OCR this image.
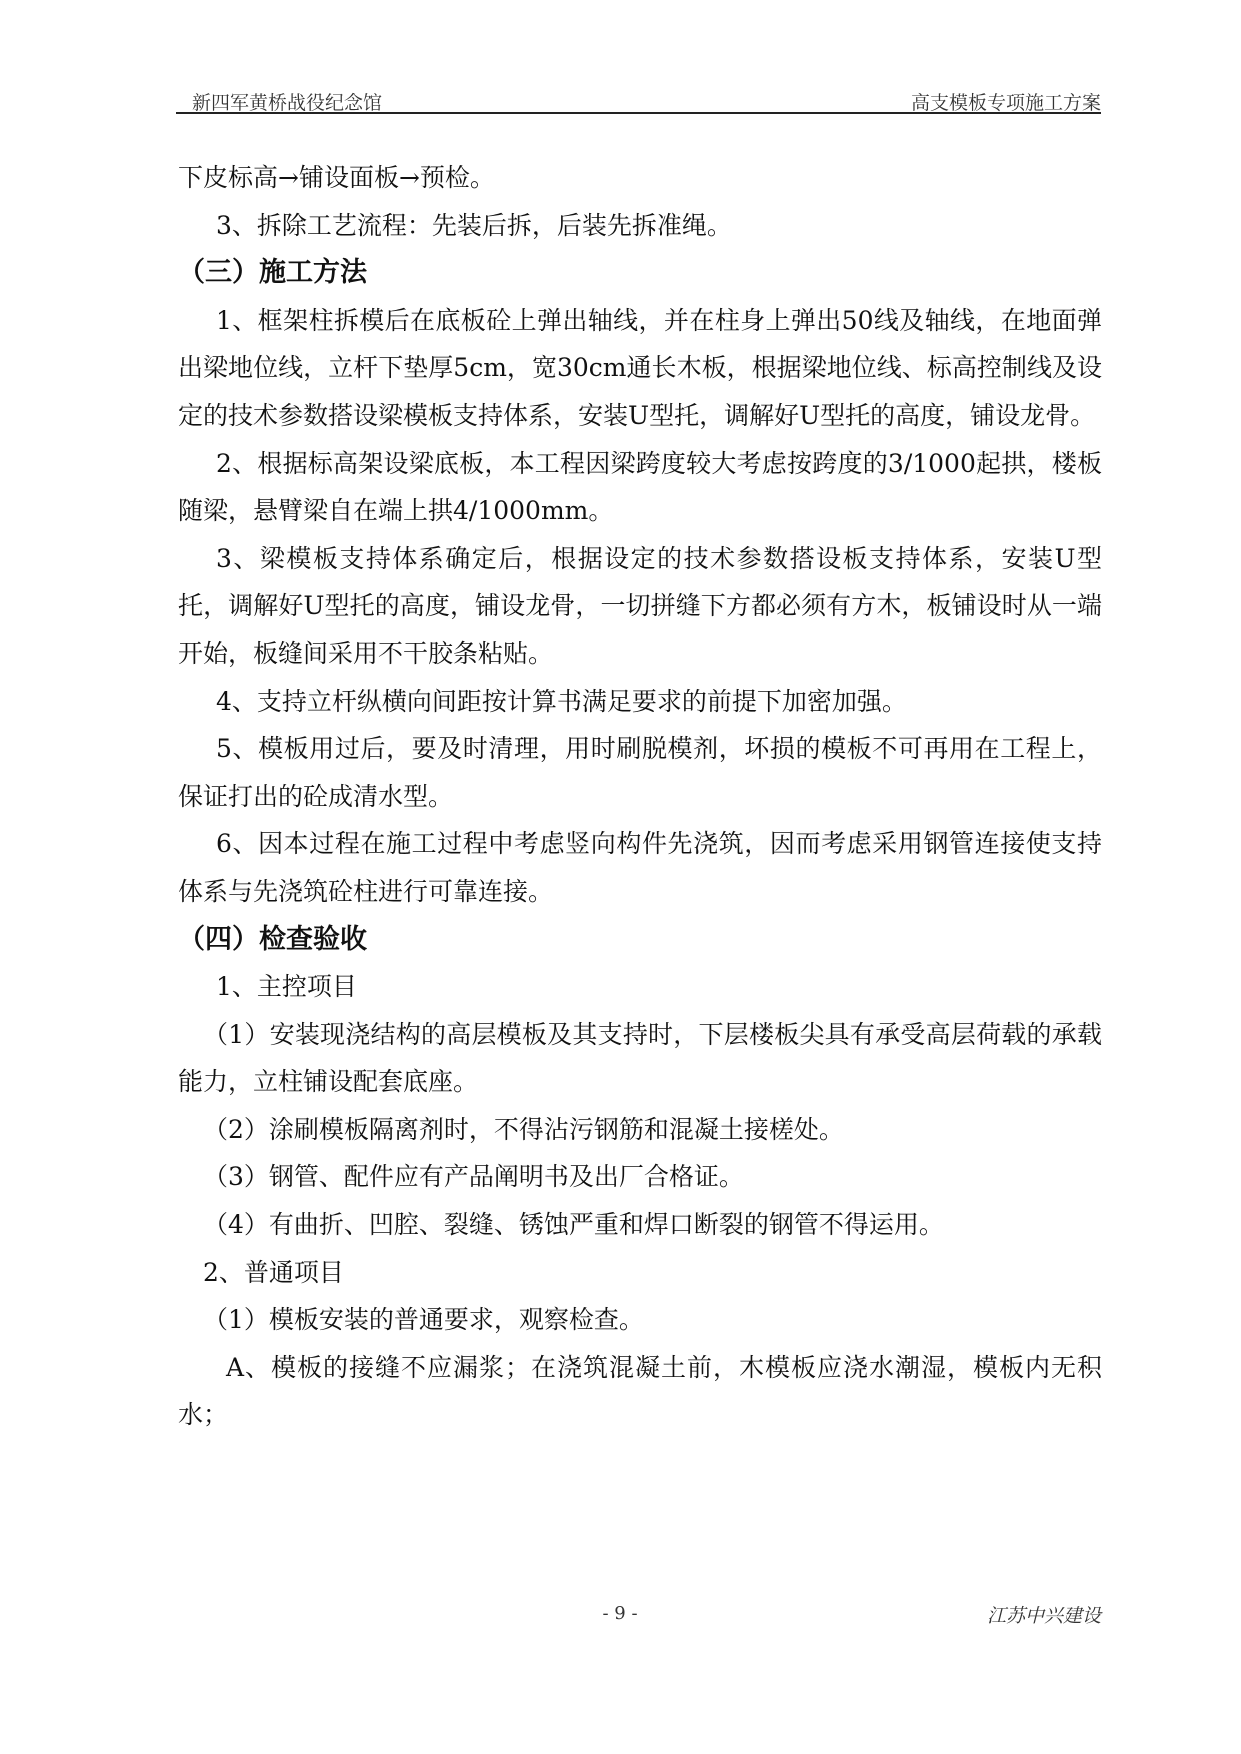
新四军黄桥战役纪念馆	高支模板专项施工方案
下皮标高→铺设面板→预检。
3、拆除工艺流程：先装后拆，后装先拆准绳。
（三）施工方法
1、框架柱拆模后在底板砼上弹出轴线，并在柱身上弹出50线及轴线，在地面弹出梁地位线，立杆下垫厚5cm，宽30cm通长木板，根据梁地位线、标高控制线及设定的技术参数搭设梁模板支持体系，安装U型托，调解好U型托的高度，铺设龙骨。
2、根据标高架设梁底板，本工程因梁跨度较大考虑按跨度的3/1000起拱，楼板随梁，悬臂梁自在端上拱4/1000mm。
3、梁模板支持体系确定后，根据设定的技术参数搭设板支持体系，安装U型托，调解好U型托的高度，铺设龙骨，一切拼缝下方都必须有方木，板铺设时从一端开始，板缝间采用不干胶条粘贴。
4、支持立杆纵横向间距按计算书满足要求的前提下加密加强。
5、模板用过后，要及时清理，用时刷脱模剂，坏损的模板不可再用在工程上，保证打出的砼成清水型。
6、因本过程在施工过程中考虑竖向构件先浇筑，因而考虑采用钢管连接使支持体系与先浇筑砼柱进行可靠连接。
（四）检查验收
1、主控项目
（1）安装现浇结构的高层模板及其支持时，下层楼板尖具有承受高层荷载的承载能力，立柱铺设配套底座。
（2）涂刷模板隔离剂时，不得沾污钢筋和混凝土接槎处。
（3）钢管、配件应有产品阐明书及出厂合格证。
（4）有曲折、凹腔、裂缝、锈蚀严重和焊口断裂的钢管不得运用。
2、普通项目
（1）模板安装的普通要求，观察检查。
A、模板的接缝不应漏浆；在浇筑混凝土前，木模板应浇水潮湿，模板内无积水；
- 9 -	江苏中兴建设
